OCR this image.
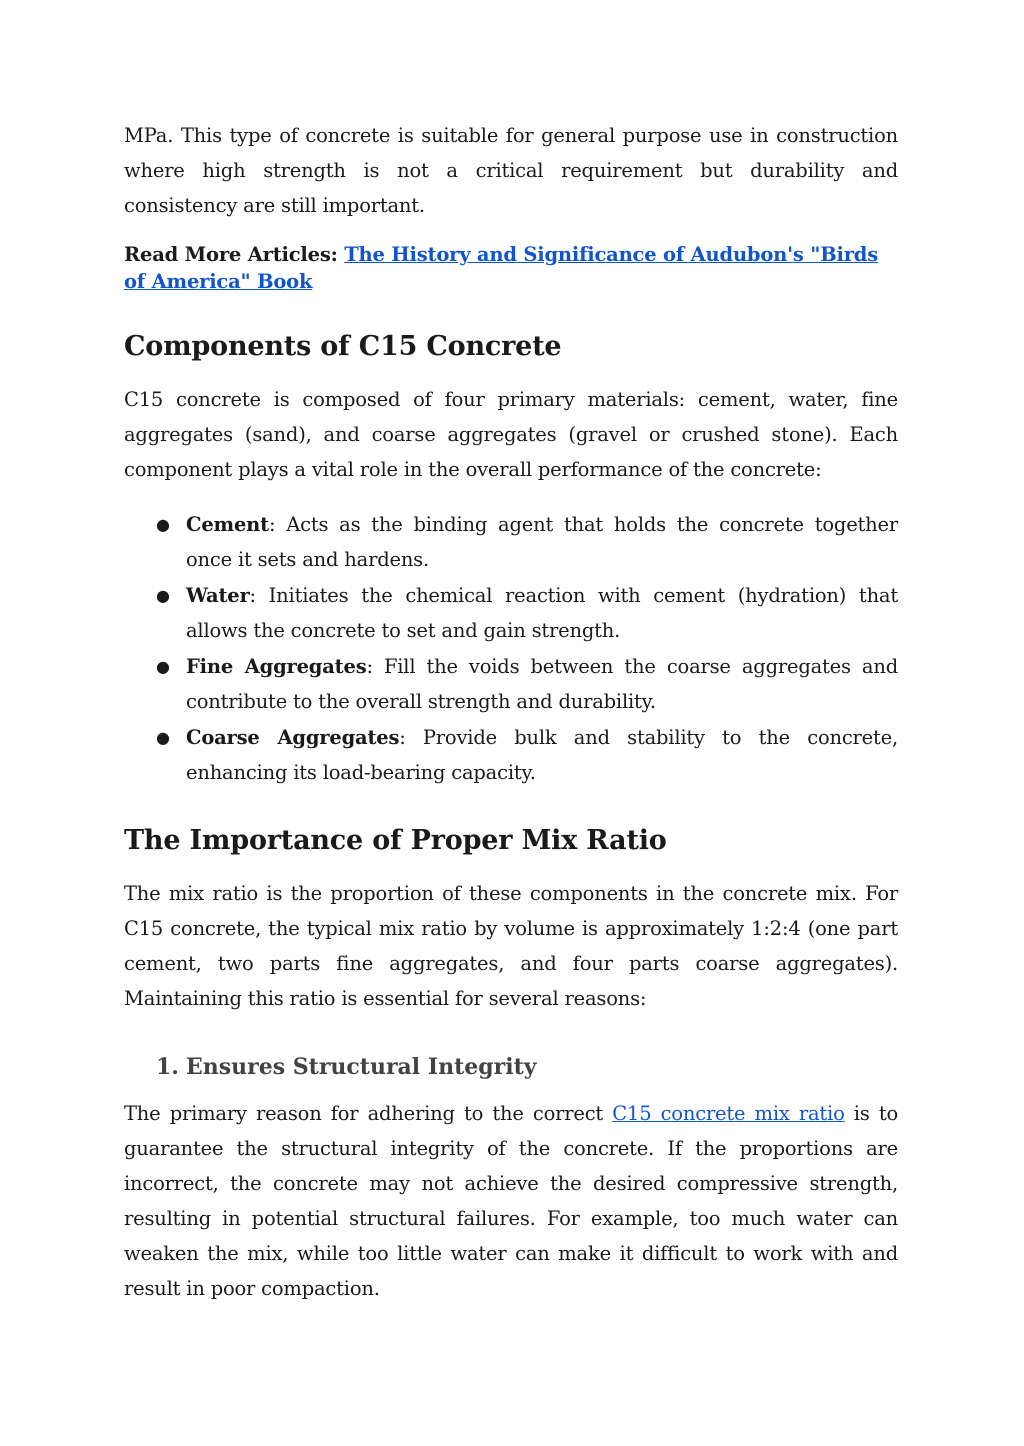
MPa. This type of concrete is suitable for general purpose use in construction where high strength is not a critical requirement but durability and consistency are still important.

Read More Articles: The History and Significance of Audubon's "Birds of America" Book

Components of C15 Concrete

C15 concrete is composed of four primary materials: cement, water, fine aggregates (sand), and coarse aggregates (gravel or crushed stone). Each component plays a vital role in the overall performance of the concrete:

● Cement: Acts as the binding agent that holds the concrete together once it sets and hardens.
● Water: Initiates the chemical reaction with cement (hydration) that allows the concrete to set and gain strength.
● Fine Aggregates: Fill the voids between the coarse aggregates and contribute to the overall strength and durability.
● Coarse Aggregates: Provide bulk and stability to the concrete, enhancing its load-bearing capacity.
The Importance of Proper Mix Ratio

The mix ratio is the proportion of these components in the concrete mix. For C15 concrete, the typical mix ratio by volume is approximately 1:2:4 (one part cement, two parts fine aggregates, and four parts coarse aggregates). Maintaining this ratio is essential for several reasons:

1. Ensures Structural Integrity

The primary reason for adhering to the correct C15 concrete mix ratio is to guarantee the structural integrity of the concrete. If the proportions are incorrect, the concrete may not achieve the desired compressive strength, resulting in potential structural failures. For example, too much water can weaken the mix, while too little water can make it difficult to work with and result in poor compaction.
